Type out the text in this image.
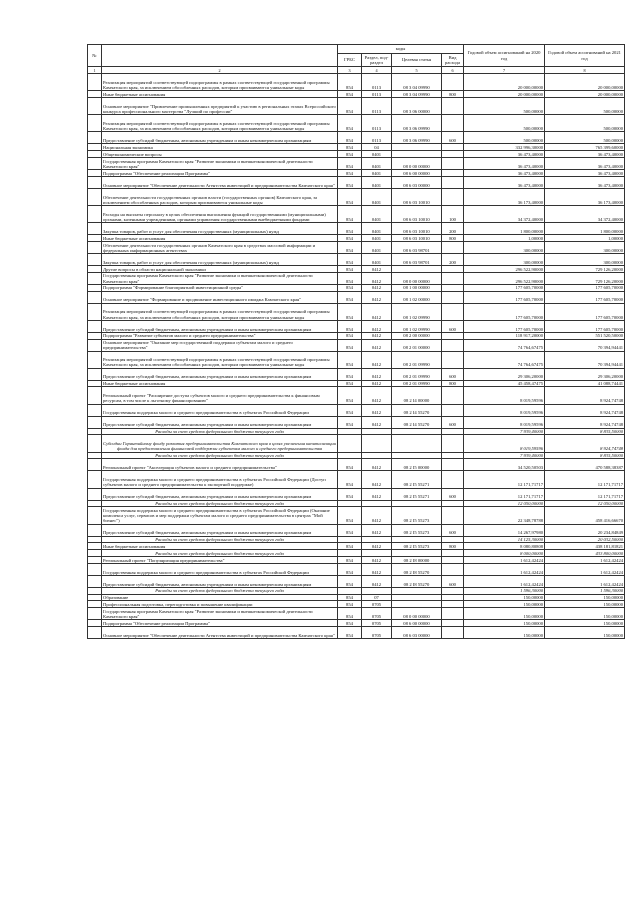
№		коды				Годовой объем ассигнований на 2020 год	Годовой объем ассигнований на 2021 год
		ГРБС	Раздел, под-раздел	Целевая статья	Вид расхода		
1	2	3	4	5	6	7	8
	Реализация мероприятий соответствующей подпрограммы в рамках соответствующей государственной программы Камчатского края, за исключением обособленных расходов, которым присваиваются уникальные коды	854	0113	08 3 04 09990		20 000,00000	20 000,00000
	Иные бюджетные ассигнования	854	0113	08 3 04 09990	800	20 000,00000	20 000,00000
	Основное мероприятие "Привлечение промышленных предприятий к участию в региональных этапах Всероссийского конкурса профессионального мастерства "Лучший по профессии"	854	0113	08 3 06 00000		500,00000	500,00000
	Реализация мероприятий соответствующей подпрограммы в рамках соответствующей государственной программы Камчатского края, за исключением обособленных расходов, которым присваиваются уникальные коды	854	0113	08 3 06 09990		500,00000	500,00000
	Предоставление субсидий бюджетным, автономным учреждениям и иным некоммерческим организациям	854	0113	08 3 06 09990	600	500,00000	500,00000
	Национальная экономика	854	04			332 996,30000	765 399,60000
	Общеэкономические вопросы	854	0401			36 473,40000	36 473,40000
	Государственная программа Камчатского края "Развитие экономики и внешнеэкономической деятельности Камчатского края"	854	0401	08 0 00 00000		36 473,40000	36 473,40000
	Подпрограмма "Обеспечение реализации Программы"	854	0401	08 6 00 00000		36 473,40000	36 473,40000
	Основное мероприятие "Обеспечение деятельности Агентства инвестиций и предпринимательства Камчатского края"	854	0401	08 6 03 00000		36 473,40000	36 473,40000
	Обеспечение деятельности государственных органов власти (государственных органов) Камчатского края, за исключением обособленных расходов, которым присваиваются уникальные коды	854	0401	08 6 03 10010		36 173,40000	36 173,40000
	Расходы на выплаты персоналу в целях обеспечения выполнения функций государственными (муниципальными) органами, казенными учреждениями, органами управления государственными внебюджетными фондами	854	0401	08 6 03 10010	100	34 372,40000	34 372,40000
	Закупка товаров, работ и услуг для обеспечения государственных (муниципальных) нужд	854	0401	08 6 03 10010	200	1 800,00000	1 800,00000
	Иные бюджетные ассигнования	854	0401	08 6 03 10010	800	1,00000	1,00000
	Обеспечение деятельности государственных органов Камчатского края в средствах массовой информации и федеральных информационных агентствах	854	0401	08 6 03 98701		300,00000	300,00000
	Закупка товаров, работ и услуг для обеспечения государственных (муниципальных) нужд	854	0401	08 6 03 98701	200	300,00000	300,00000
	Другие вопросы в области национальной экономики	854	0412			296 522,90000	729 126,20000
	Государственная программа Камчатского края "Развитие экономики и внешнеэкономической деятельности Камчатского края"	854	0412	08 0 00 00000		296 522,90000	729 126,20000
	Подпрограмма "Формирование благоприятной инвестиционной среды"	854	0412	08 1 00 00000		177 605,70000	177 605,70000
	Основное мероприятие "Формирование и продвижение инвестиционного имиджа Камчатского края"	854	0412	08 1 02 00000		177 605,70000	177 605,70000
	Реализация мероприятий соответствующей подпрограммы в рамках соответствующей государственной программы Камчатского края, за исключением обособленных расходов, которым присваиваются уникальные коды	854	0412	08 1 02 09990		177 605,70000	177 605,70000
	Предоставление субсидий бюджетным, автономным учреждениям и иным некоммерческим организациям	854	0412	08 1 02 09990	600	177 605,70000	177 605,70000
	Подпрограмма "Развитие субъектов малого и среднего предпринимательства"	854	0412	08 2 00 00000		118 917,20000	551 520,50000
	Основное мероприятие "Оказание мер государственной поддержки субъектам малого и среднего предпринимательства"	854	0412	08 2 01 00000		74 764,67475	70 394,94441
	Реализация мероприятий соответствующей подпрограммы в рамках соответствующей государственной программы Камчатского края, за исключением обособленных расходов, которым присваиваются уникальные коды	854	0412	08 2 01 09990		74 764,67475	70 394,94441
	Предоставление субсидий бюджетным, автономным учреждениям и иным некоммерческим организациям	854	0412	08 2 01 09990	600	29 306,20000	29 306,20000
	Иные бюджетные ассигнования	854	0412	08 2 01 09990	800	45 458,47475	41 088,74441
	Региональный проект "Расширение доступа субъектов малого и среднего предпринимательства к финансовым ресурсам, в том числе к льготному финансированию"	854	0412	08 2 I4 00000		8 019,59596	8 924,74748
	Государственная поддержка малого и среднего предпринимательства в субъектах Российской Федерации	854	0412	08 2 I4 55270		8 019,59596	8 924,74748
	Предоставление субсидий бюджетным, автономным учреждениям и иным некоммерческим организациям	854	0412	08 2 I4 55270	600	8 019,59596	8 924,74748
	Расходы за счет средств федерального бюджета текущего года					7 939,40000	8 835,50000
	Субсидии Гарантийному фонду развития предпринимательства Камчатского края в целях увеличения капитализации фонда для предоставления финансовой поддержки субъектам малого и среднего предпринимательства					8 019,59596	8 924,74748
	Расходы за счет средств федерального бюджета текущего года					7 939,40000	8 835,50000
	Региональный проект "Акселерация субъектов малого и среднего предпринимательства"	854	0412	08 2 I5 00000		34 520,50503	470 588,38387
	Государственная поддержка малого и среднего предпринимательства в субъектах Российской Федерации (Доступ субъектов малого и среднего предпринимательства к экспортной поддержке)	854	0412	08 2 I5 55271		12 171,71717	12 171,71717
	Предоставление субсидий бюджетным, автономным учреждениям и иным некоммерческим организациям	854	0412	08 2 I5 55271	600	12 171,71717	12 171,71717
	Расходы за счет средств федерального бюджета текущего года					12 050,00000	12 050,00000
	Государственная поддержка малого и среднего предпринимательства в субъектах Российской Федерации (Оказание комплекса услуг, сервисов и мер поддержки субъектам малого и среднего предпринимательства в центрах "Мой бизнес")	854	0412	08 2 I5 55273		22 348,78788	458 416,66670
	Предоставление субсидий бюджетным, автономным учреждениям и иным некоммерческим организациям	854	0412	08 2 I5 55273	600	14 267,97980	20 234,84849
	Расходы за счет средств федерального бюджета текущего года					14 125,30000	20 032,50000
	Иные бюджетные ассигнования	854	0412	08 2 I5 55273	800	8 080,80808	438 181,81821
	Расходы за счет средств федерального бюджета текущего года					8 000,00000	433 800,00000
	Региональный проект "Популяризация предпринимательства"	854	0412	08 2 I8 00000		1 612,42424	1 612,42424
	Государственная поддержка малого и среднего предпринимательства в субъектах Российской Федерации	854	0412	08 2 I8 55270		1 612,42424	1 612,42424
	Предоставление субсидий бюджетным, автономным учреждениям и иным некоммерческим организациям	854	0412	08 2 I8 55270	600	1 612,42424	1 612,42424
	Расходы за счет средств федерального бюджета текущего года					1 596,30000	1 596,30000
	Образование	854	07			150,00000	150,00000
	Профессиональная подготовка, переподготовка и повышение квалификации	854	0705			150,00000	150,00000
	Государственная программа Камчатского края "Развитие экономики и внешнеэкономической деятельности Камчатского края"	854	0705	08 0 00 00000		150,00000	150,00000
	Подпрограмма "Обеспечение реализации Программы"	854	0705	08 6 00 00000		150,00000	150,00000
	Основное мероприятие "Обеспечение деятельности Агентства инвестиций и предпринимательства Камчатского края"	854	0705	08 6 03 00000		150,00000	150,00000
